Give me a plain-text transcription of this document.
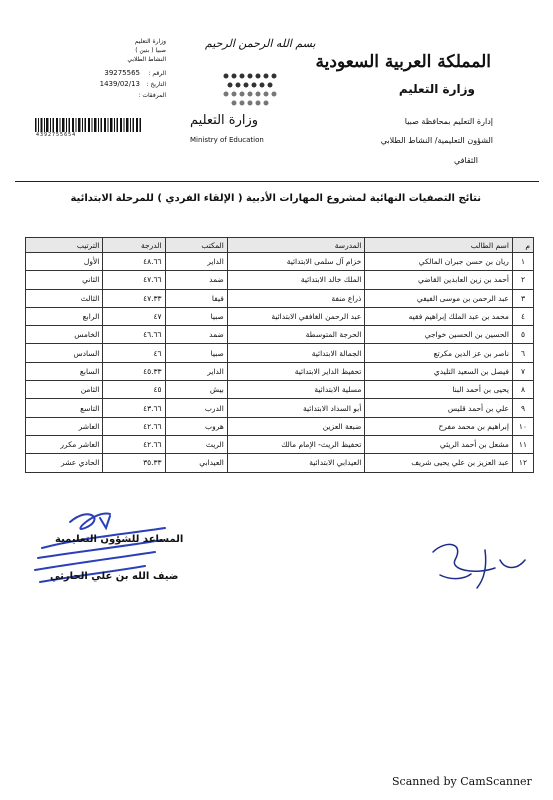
المملكة العربية السعودية
وزارة التعليم
إدارة التعليم بمحافظة صبيا
الشؤون التعليمية/ النشاط الطلابي
الثقافي
بسم الله الرحمن الرحيم
وزارة التعليم
Ministry of Education
وزارة التعليم
صبيا ( بنين )
النشاط الطلابي
الرقم :
39275565
التاريخ :
1439/02/13
المرفقات :
4392755654
نتائج التصفيات النهائية لمشروع المهارات الأدبية ( الإلقاء الفردي ) للمرحلة الابتدائية
م	اسم الطالب	المدرسة	المكتب	الدرجة	الترتيب
١	ريان بن حسن جبران المالكي	خزام آل سلمى الابتدائية	الداير	٤٨.٦٦	الأول
٢	أحمد بن زين العابدين القاضي	الملك خالد الابتدائية	ضمد	٤٧.٦٦	الثاني
٣	عبد الرحمن بن موسى الفيفي	ذراع منفة	فيفا	٤٧.٣٣	الثالث
٤	محمد بن عبد الملك إبراهيم فقيه	عبد الرحمن الغافقي الابتدائية	صبيا	٤٧	الرابع
٥	الحسين بن الحسين خواجي	الحرجة المتوسطة	ضمد	٤٦.٦٦	الخامس
٦	ناصر بن عز الدين مكرتع	الجمالة الابتدائية	صبيا	٤٦	السادس
٧	فيصل بن السعيد التليدي	تحفيظ الداير الابتدائية	الداير	٤٥.٣٣	السابع
٨	يحيى بن أحمد البنا	مسلية الابتدائية	بيش	٤٥	الثامن
٩	علي بن أحمد قليس	أبو السداد الابتدائية	الدرب	٤٣.٦٦	التاسع
١٠	إبراهيم بن محمد مفرح	ضبعة العزين	هروب	٤٢.٦٦	العاشر
١١	مشعل بن أحمد الريثي	تحفيظ الريث- الإمام مالك	الريث	٤٢.٦٦	العاشر مكرر
١٢	عبد العزيز بن علي يحيى شريف	العيدابي الابتدائية	العيدابي	٣٥.٣٣	الحادي عشر
المساعد للشؤون التعليمية
ضيف الله بن علي الحارثي
Scanned by CamScanner
